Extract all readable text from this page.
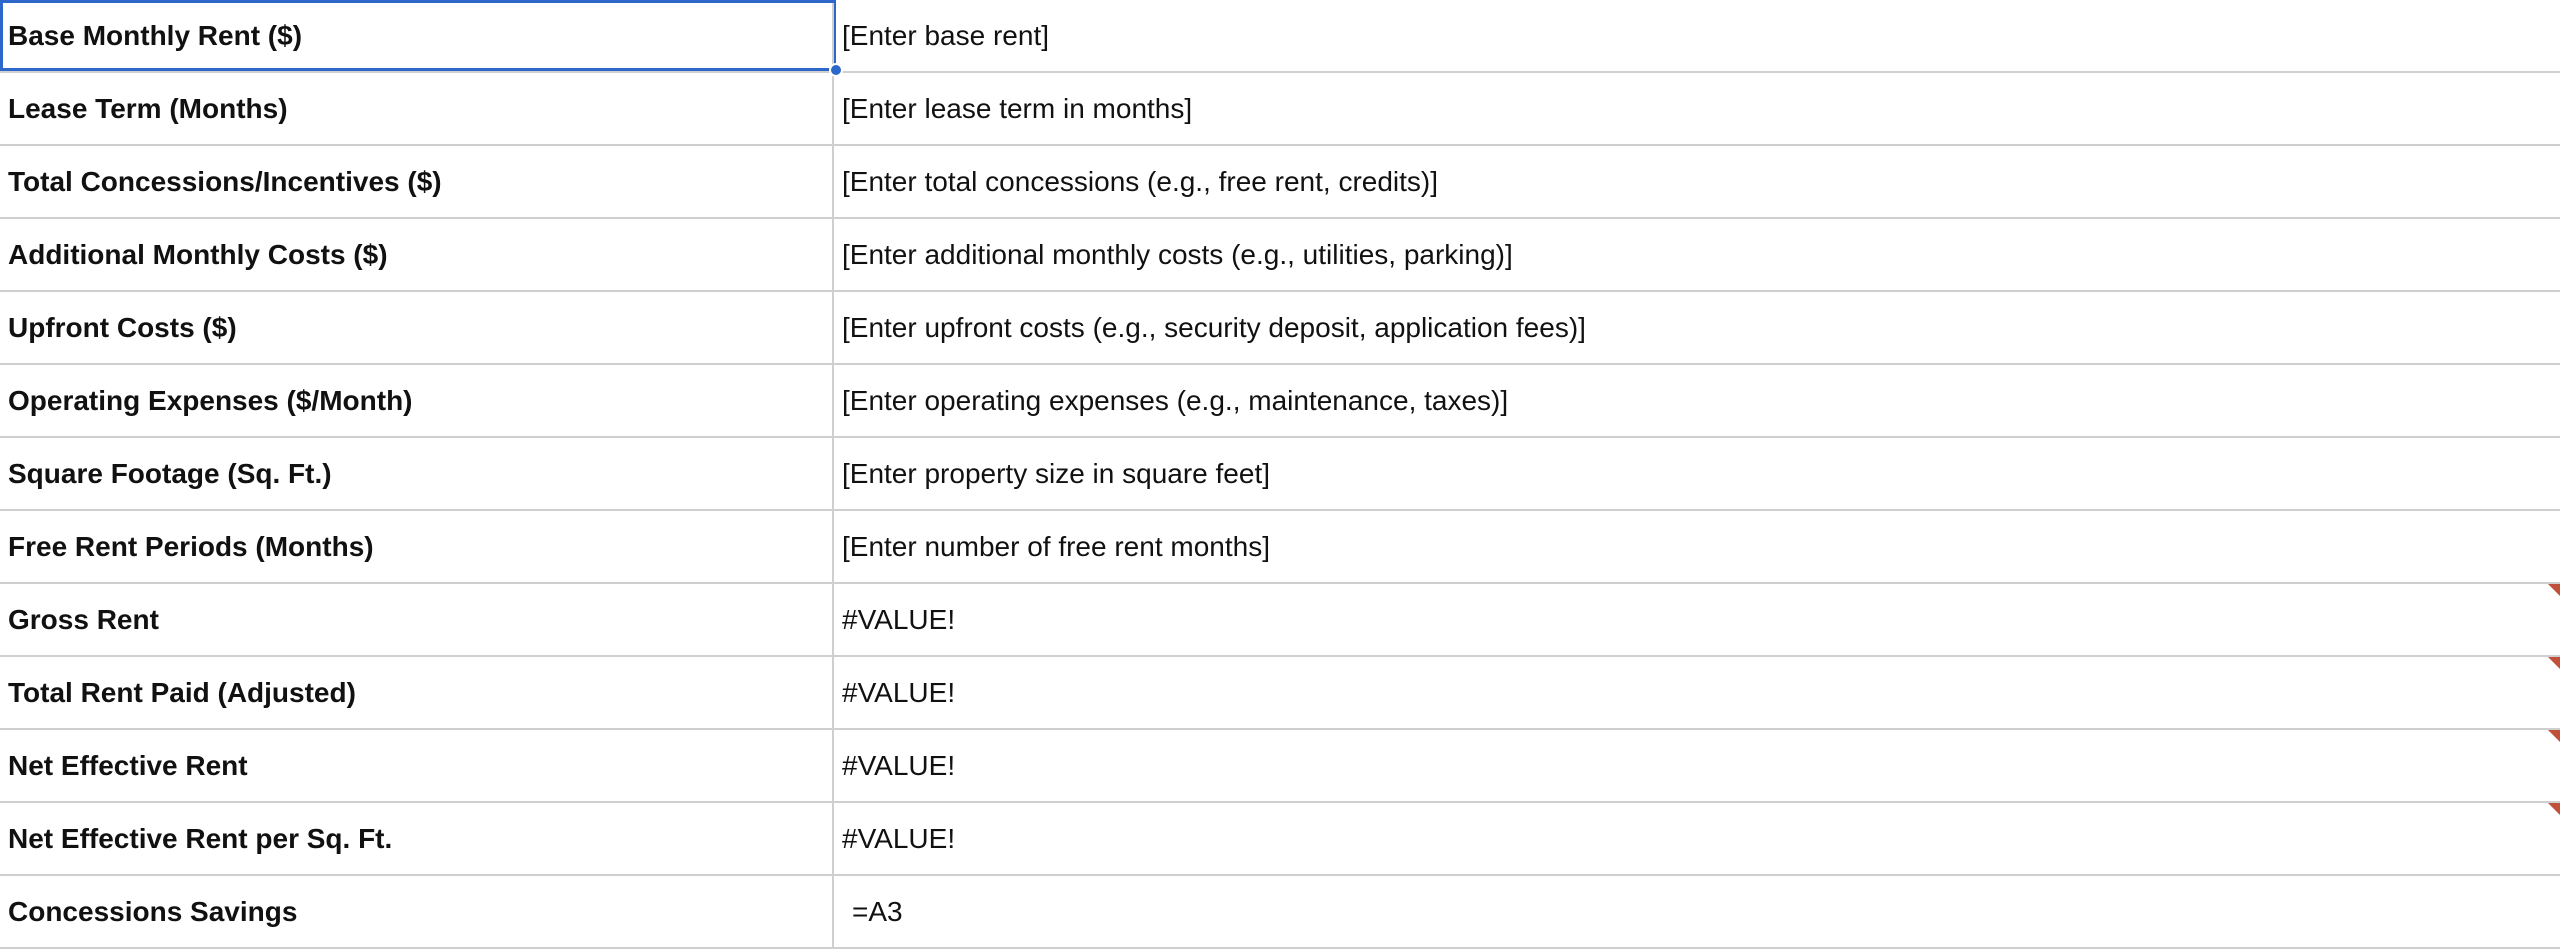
Base Monthly Rent ($)	[Enter base rent]
Lease Term (Months)	[Enter lease term in months]
Total Concessions/Incentives ($)	[Enter total concessions (e.g., free rent, credits)]
Additional Monthly Costs ($)	[Enter additional monthly costs (e.g., utilities, parking)]
Upfront Costs ($)	[Enter upfront costs (e.g., security deposit, application fees)]
Operating Expenses ($/Month)	[Enter operating expenses (e.g., maintenance, taxes)]
Square Footage (Sq. Ft.)	[Enter property size in square feet]
Free Rent Periods (Months)	[Enter number of free rent months]
Gross Rent	#VALUE!
Total Rent Paid (Adjusted)	#VALUE!
Net Effective Rent	#VALUE!
Net Effective Rent per Sq. Ft.	#VALUE!
Concessions Savings	=A3
